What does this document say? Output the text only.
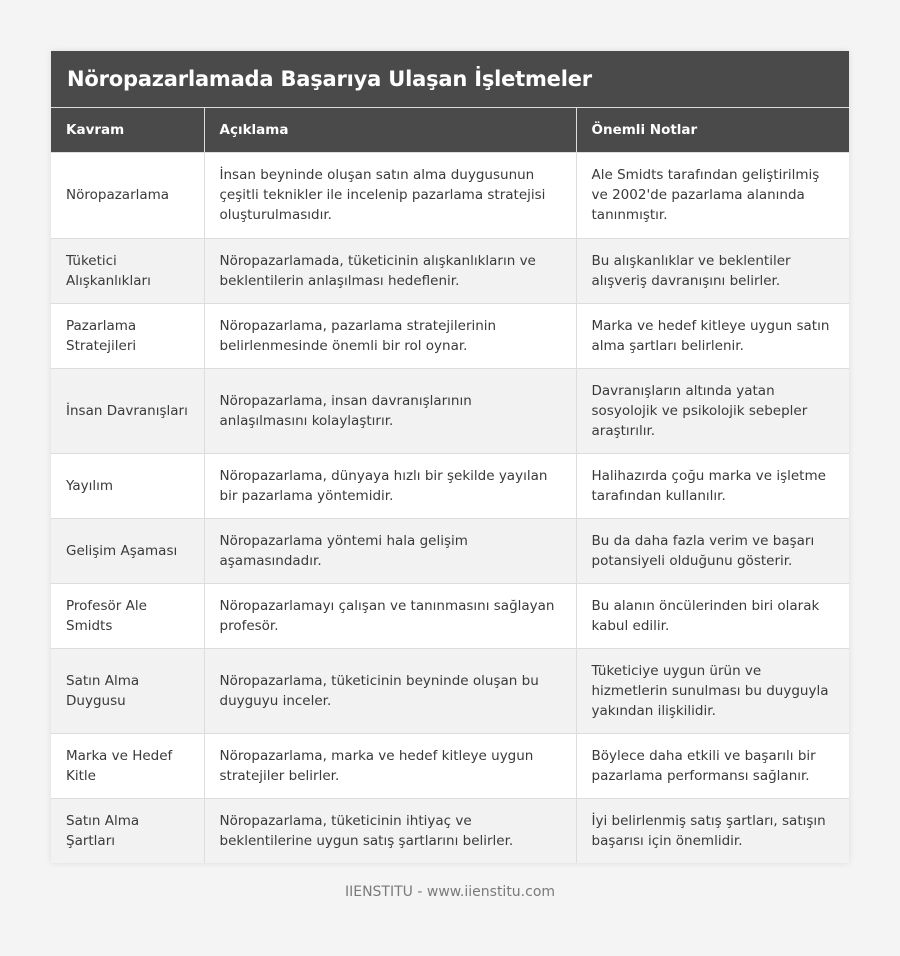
Nöropazarlamada Başarıya Ulaşan İşletmeler
Kavram	Açıklama	Önemli Notlar
Nöropazarlama	İnsan beyninde oluşan satın alma duygusunun çeşitli teknikler ile incelenip pazarlama stratejisi oluşturulmasıdır.	Ale Smidts tarafından geliştirilmiş ve 2002'de pazarlama alanında tanınmıştır.
Tüketici Alışkanlıkları	Nöropazarlamada, tüketicinin alışkanlıkların ve beklentilerin anlaşılması hedeflenir.	Bu alışkanlıklar ve beklentiler alışveriş davranışını belirler.
Pazarlama Stratejileri	Nöropazarlama, pazarlama stratejilerinin belirlenmesinde önemli bir rol oynar.	Marka ve hedef kitleye uygun satın alma şartları belirlenir.
İnsan Davranışları	Nöropazarlama, insan davranışlarının anlaşılmasını kolaylaştırır.	Davranışların altında yatan sosyolojik ve psikolojik sebepler araştırılır.
Yayılım	Nöropazarlama, dünyaya hızlı bir şekilde yayılan bir pazarlama yöntemidir.	Halihazırda çoğu marka ve işletme tarafından kullanılır.
Gelişim Aşaması	Nöropazarlama yöntemi hala gelişim aşamasındadır.	Bu da daha fazla verim ve başarı potansiyeli olduğunu gösterir.
Profesör Ale Smidts	Nöropazarlamayı çalışan ve tanınmasını sağlayan profesör.	Bu alanın öncülerinden biri olarak kabul edilir.
Satın Alma Duygusu	Nöropazarlama, tüketicinin beyninde oluşan bu duyguyu inceler.	Tüketiciye uygun ürün ve hizmetlerin sunulması bu duyguyla yakından ilişkilidir.
Marka ve Hedef Kitle	Nöropazarlama, marka ve hedef kitleye uygun stratejiler belirler.	Böylece daha etkili ve başarılı bir pazarlama performansı sağlanır.
Satın Alma Şartları	Nöropazarlama, tüketicinin ihtiyaç ve beklentilerine uygun satış şartlarını belirler.	İyi belirlenmiş satış şartları, satışın başarısı için önemlidir.
IIENSTITU - www.iienstitu.com
